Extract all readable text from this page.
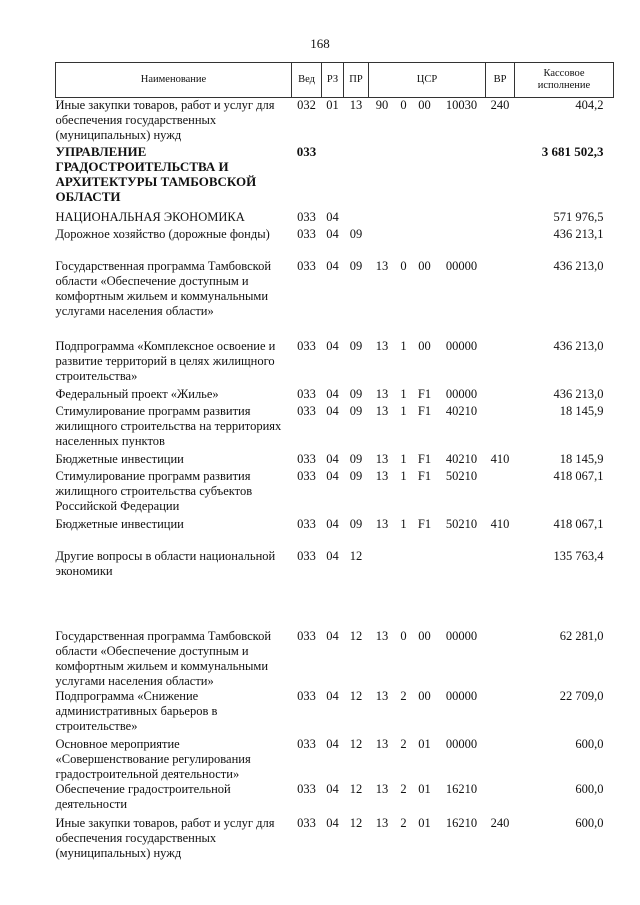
168
Наименование	Вед	РЗ	ПР	ЦСР				ВР	Кассовое исполнение
Иные закупки товаров, работ и услуг для обеспечения государственных (муниципальных) нужд	032	01	13	90	0	00	10030	240	404,2
УПРАВЛЕНИЕ ГРАДОСТРОИТЕЛЬСТВА И АРХИТЕКТУРЫ ТАМБОВСКОЙ ОБЛАСТИ	033								3 681 502,3
НАЦИОНАЛЬНАЯ ЭКОНОМИКА	033	04							571 976,5
Дорожное хозяйство (дорожные фонды)	033	04	09						436 213,1
Государственная программа Тамбовской области «Обеспечение доступным и комфортным жильем и коммунальными услугами населения области»	033	04	09	13	0	00	00000		436 213,0
Подпрограмма «Комплексное освоение и развитие территорий в целях жилищного строительства»	033	04	09	13	1	00	00000		436 213,0
Федеральный проект «Жилье»	033	04	09	13	1	F1	00000		436 213,0
Стимулирование программ развития жилищного строительства на территориях населенных пунктов	033	04	09	13	1	F1	40210		18 145,9
Бюджетные инвестиции	033	04	09	13	1	F1	40210	410	18 145,9
Стимулирование программ развития жилищного строительства субъектов Российской Федерации	033	04	09	13	1	F1	50210		418 067,1
Бюджетные инвестиции	033	04	09	13	1	F1	50210	410	418 067,1
Другие вопросы в области национальной экономики	033	04	12						135 763,4
Государственная программа Тамбовской области «Обеспечение доступным и комфортным жильем и коммунальными услугами населения области»	033	04	12	13	0	00	00000		62 281,0
Подпрограмма «Снижение административных барьеров в строительстве»	033	04	12	13	2	00	00000		22 709,0
Основное мероприятие «Совершенствование регулирования градостроительной деятельности»	033	04	12	13	2	01	00000		600,0
Обеспечение градостроительной деятельности	033	04	12	13	2	01	16210		600,0
Иные закупки товаров, работ и услуг для обеспечения государственных (муниципальных) нужд	033	04	12	13	2	01	16210	240	600,0
